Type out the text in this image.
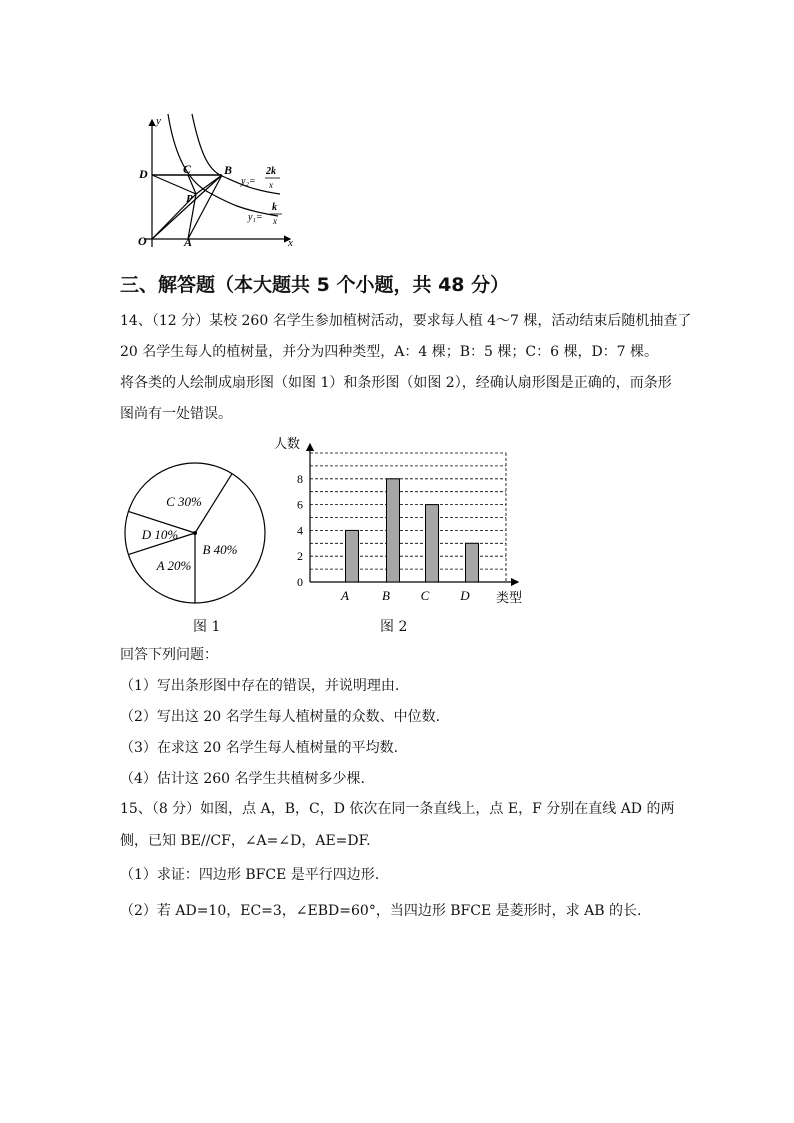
y
x
O
D	C	B
P
A
y₂=
2k
x
y₁=
k
x
三、解答题（本大题共 5 个小题，共 48 分）
14、（12 分）某校 260 名学生参加植树活动，要求每人植 4～7 棵，活动结束后随机抽查了
20 名学生每人的植树量，并分为四种类型，A：4 棵；B：5 棵；C：6 棵，D：7 棵。
将各类的人绘制成扇形图（如图 1）和条形图（如图 2），经确认扇形图是正确的，而条形
图尚有一处错误。
A 20%
B 40%
C 30%
D 10%
人数
类型
0
2
4
6
8
A	B C D
图 1	图 2
回答下列问题：
（1）写出条形图中存在的错误，并说明理由.
（2）写出这 20 名学生每人植树量的众数、中位数.
（3）在求这 20 名学生每人植树量的平均数.
（4）估计这 260 名学生共植树多少棵.
15、（8 分）如图，点 A，B，C，D 依次在同一条直线上，点 E，F 分别在直线 AD 的两
侧，已知 BE//CF，∠A=∠D，AE=DF.
（1）求证：四边形 BFCE 是平行四边形.
（2）若 AD=10，EC=3，∠EBD=60°，当四边形 BFCE 是菱形时，求 AB 的长.
